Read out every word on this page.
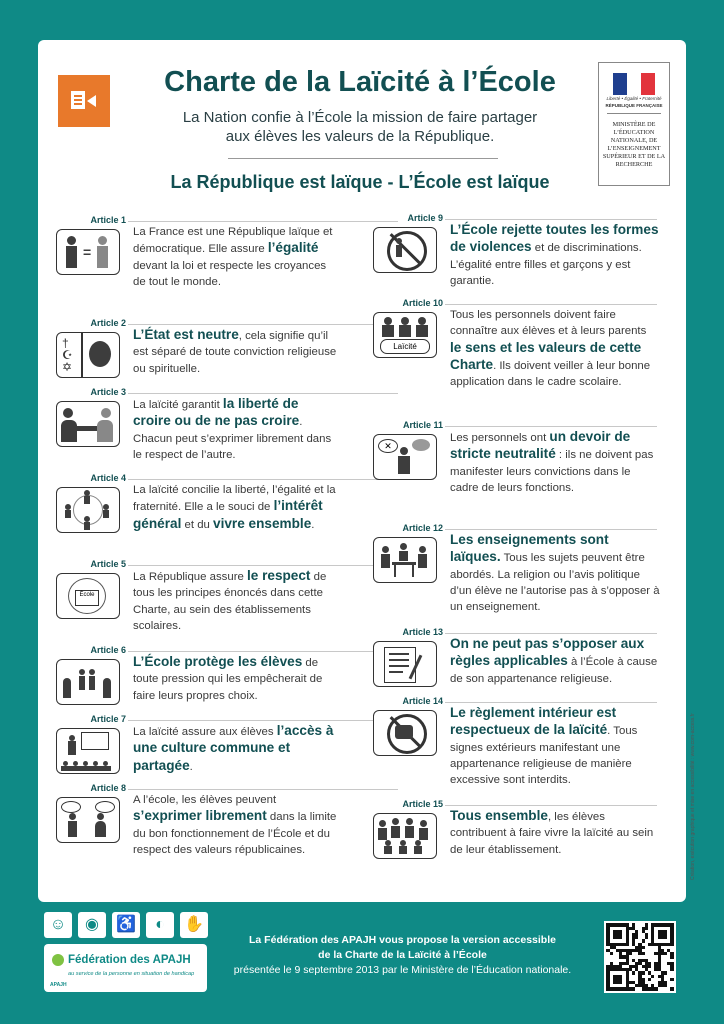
Charte de la Laïcité à l’École
La Nation confie à l’École la mission de faire partager
aux élèves les valeurs de la République.
La République est laïque - L’École est laïque
Liberté • Égalité • Fraternité
RÉPUBLIQUE FRANÇAISE
MINISTÈRE DE L’ÉDUCATION NATIONALE, DE L’ENSEIGNEMENT SUPÉRIEUR ET DE LA RECHERCHE
Article 1
=
La France est une République laïque et démocratique. Elle assure l’égalité devant la loi et respecte les croyances de tout le monde.
Article 2
†
☪
✡
L’État est neutre, cela signifie qu’il est séparé de toute conviction religieuse ou spirituelle.
Article 3
La laïcité garantit la liberté de croire ou de ne pas croire. Chacun peut s’exprimer librement dans le respect de l’autre.
Article 4
La laïcité concilie la liberté, l’égalité et la fraternité. Elle a le souci de l’intérêt général et du vivre ensemble.
Article 5
École
La République assure le respect de tous les principes énoncés dans cette Charte, au sein des établissements scolaires.
Article 6
L’École protège les élèves de toute pression qui les empêcherait de faire leurs propres choix.
Article 7
La laïcité assure aux élèves l’accès à une culture commune et partagée.
Article 8
A l’école, les élèves peuvent s’exprimer librement dans la limite du bon fonctionnement de l’École et du respect des valeurs républicaines.
Article 9
L’École rejette toutes les formes de violences et de discriminations. L’égalité entre filles et garçons y est garantie.
Article 10
Laïcité
Tous les personnels doivent faire connaître aux élèves et à leurs parents le sens et les valeurs de cette Charte. Ils doivent veiller à leur bonne application dans le cadre scolaire.
Article 11
✕
Les personnels ont un devoir de stricte neutralité : ils ne doivent pas manifester leurs convictions dans le cadre de leurs fonctions.
Article 12
Les enseignements sont laïques. Tous les sujets peuvent être abordés. La religion ou l’avis politique d’un élève ne l’autorise pas à s’opposer à un enseignement.
Article 13
On ne peut pas s’opposer aux règles applicables à l’École à cause de son appartenance religieuse.
Article 14
Le règlement intérieur est respectueux de la laïcité. Tous signes extérieurs manifestant une appartenance religieuse de manière excessive sont interdits.
Article 15
Tous ensemble, les élèves contribuent à faire vivre la laïcité au sein de leur établissement.	Création, exécution graphique et mise en accessibilité : www.com-access.fr
☺	◉	♿	◐	✋
Fédération des APAJH
au service de la personne en situation de handicap
APAJH
La Fédération des APAJH vous propose la version accessible
de la Charte de la Laïcité à l’École
présentée le 9 septembre 2013 par le Ministère de l’Éducation nationale.
